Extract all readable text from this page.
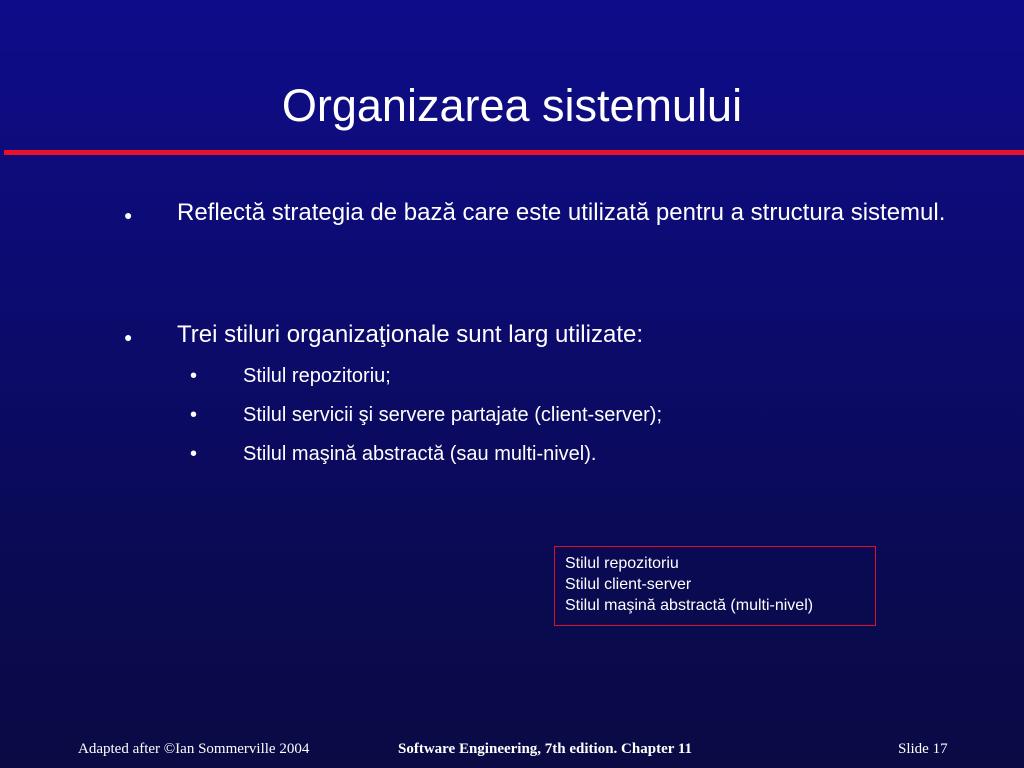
Organizarea sistemului
● Reflectă strategia de bază care este utilizată pentru a structura sistemul.
● Trei stiluri organizaţionale sunt larg utilizate:
• Stilul repozitoriu;
• Stilul servicii şi servere partajate (client-server);
• Stilul maşină abstractă (sau multi-nivel).
Stilul repozitoriu
Stilul client-server
Stilul maşină abstractă (multi-nivel)
Adapted after ©Ian Sommerville 2004	Software Engineering, 7th edition. Chapter 11	Slide 17
